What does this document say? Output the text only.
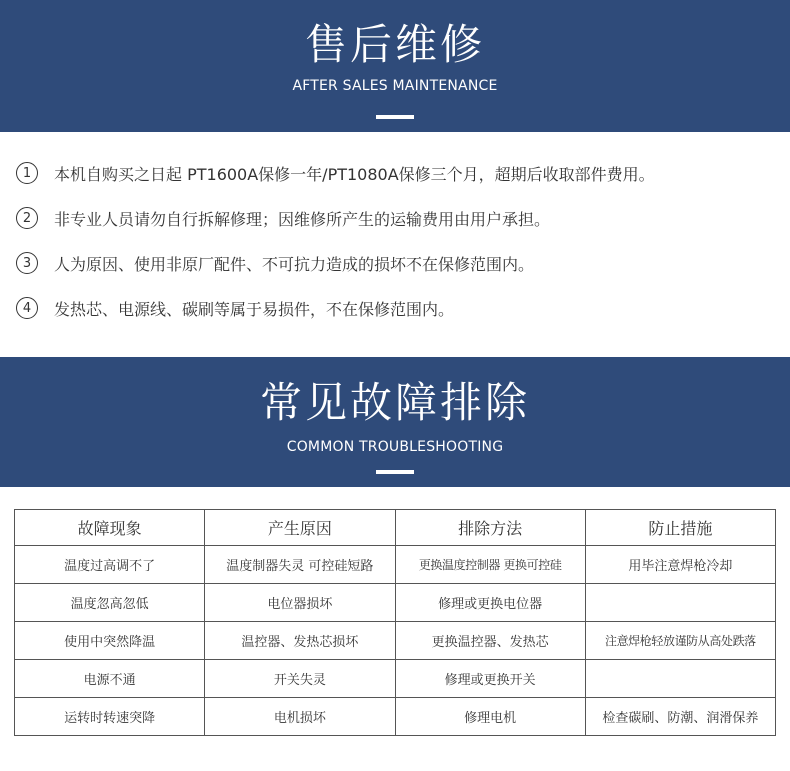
售后维修
AFTER SALES MAINTENANCE
1	本机自购买之日起 PT1600A保修一年/PT1080A保修三个月，超期后收取部件费用。
2	非专业人员请勿自行拆解修理；因维修所产生的运输费用由用户承担。
3	人为原因、使用非原厂配件、不可抗力造成的损坏不在保修范围内。
4	发热芯、电源线、碳刷等属于易损件，不在保修范围内。
常见故障排除
COMMON TROUBLESHOOTING
故障现象	产生原因	排除方法	防止措施
温度过高调不了	温度制器失灵 可控硅短路	更换温度控制器 更换可控硅	用毕注意焊枪冷却
温度忽高忽低	电位器损坏	修理或更换电位器	
使用中突然降温	温控器、发热芯损坏	更换温控器、发热芯	注意焊枪轻放谨防从高处跌落
电源不通	开关失灵	修理或更换开关	
运转时转速突降	电机损坏	修理电机	检查碳刷、防潮、润滑保养
